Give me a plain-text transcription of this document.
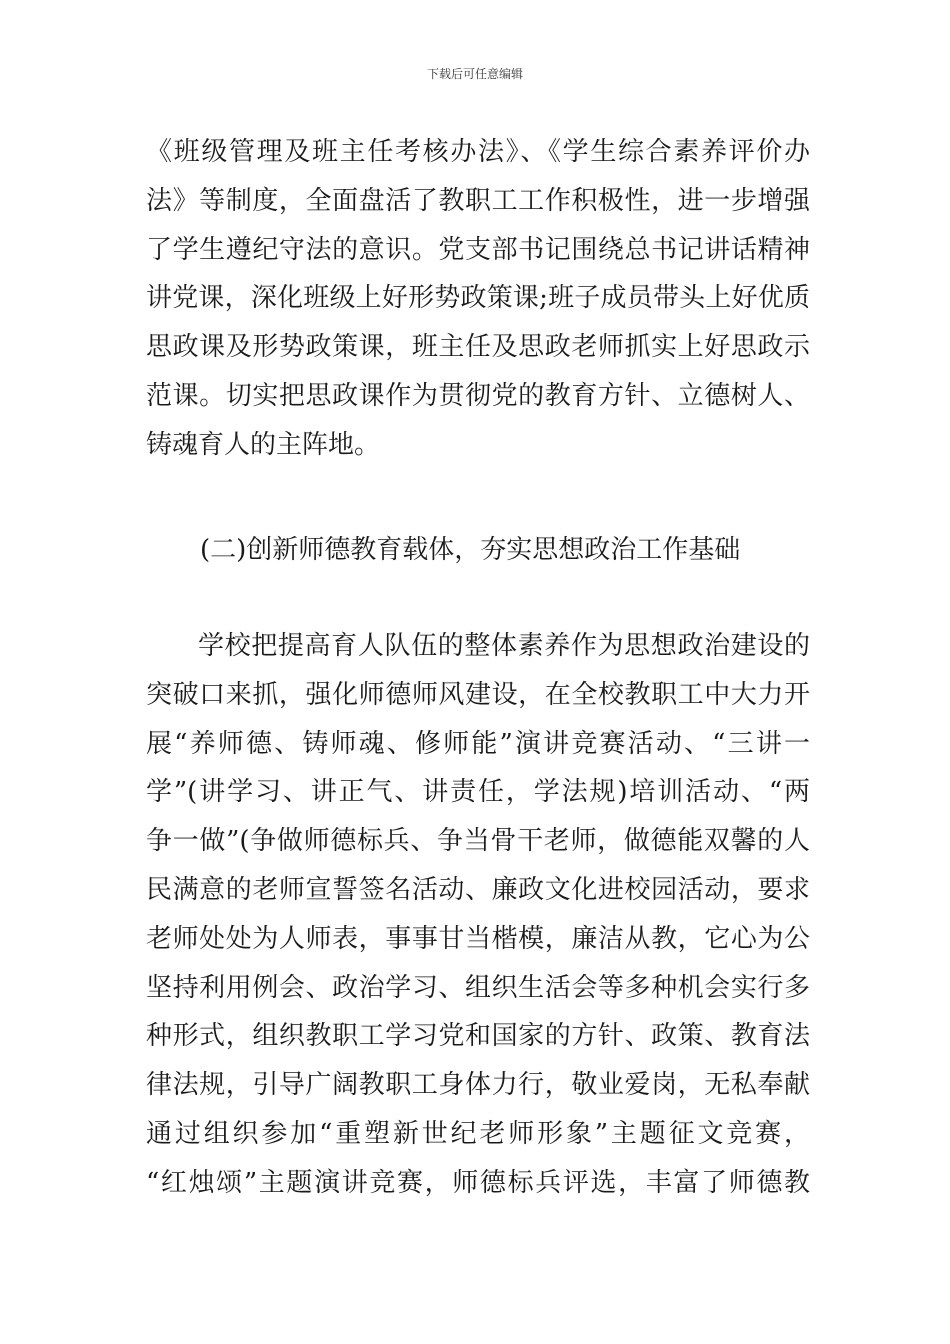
下载后可任意编辑
《班级管理及班主任考核办法》、《学生综合素养评价办
法》等制度，全面盘活了教职工工作积极性，进一步增强
了学生遵纪守法的意识。党支部书记围绕总书记讲话精神
讲党课，深化班级上好形势政策课;班子成员带头上好优质
思政课及形势政策课，班主任及思政老师抓实上好思政示
范课。切实把思政课作为贯彻党的教育方针、立德树人、
铸魂育人的主阵地。
(二)创新师德教育载体，夯实思想政治工作基础
学校把提高育人队伍的整体素养作为思想政治建设的
突破口来抓，强化师德师风建设，在全校教职工中大力开
展“养师德、铸师魂、修师能”演讲竞赛活动、“三讲一
学”(讲学习、讲正气、讲责任，学法规)培训活动、“两
争一做”(争做师德标兵、争当骨干老师，做德能双馨的人
民满意的老师宣誓签名活动、廉政文化进校园活动，要求
老师处处为人师表，事事甘当楷模，廉洁从教，它心为公
坚持利用例会、政治学习、组织生活会等多种机会实行多
种形式，组织教职工学习党和国家的方针、政策、教育法
律法规，引导广阔教职工身体力行，敬业爱岗，无私奉献
通过组织参加“重塑新世纪老师形象”主题征文竞赛，
“红烛颂”主题演讲竞赛，师德标兵评选，丰富了师德教
